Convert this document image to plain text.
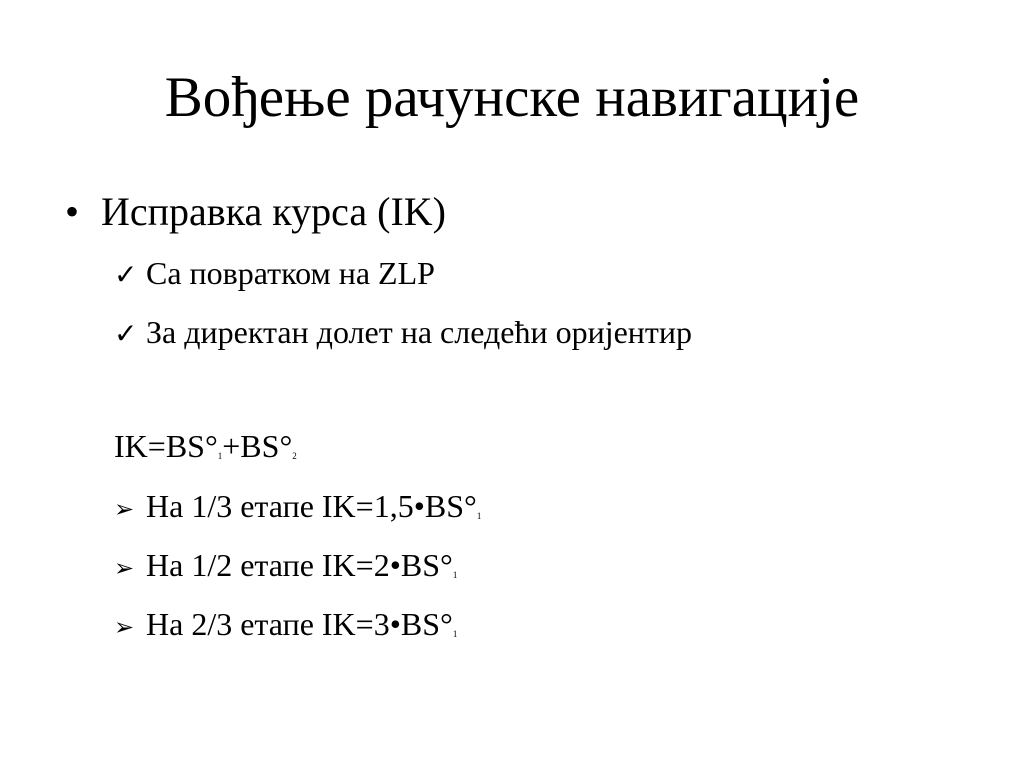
Вођење рачунске навигације
• Исправка курса (IK)
✓ Са повратком на ZLP
✓ За директан долет на следећи оријентир
IK=BS°1+BS°2
➢ На 1/3 етапе IK=1,5•BS°1
➢ На 1/2 етапе IK=2•BS°1
➢ На 2/3 етапе IK=3•BS°1
